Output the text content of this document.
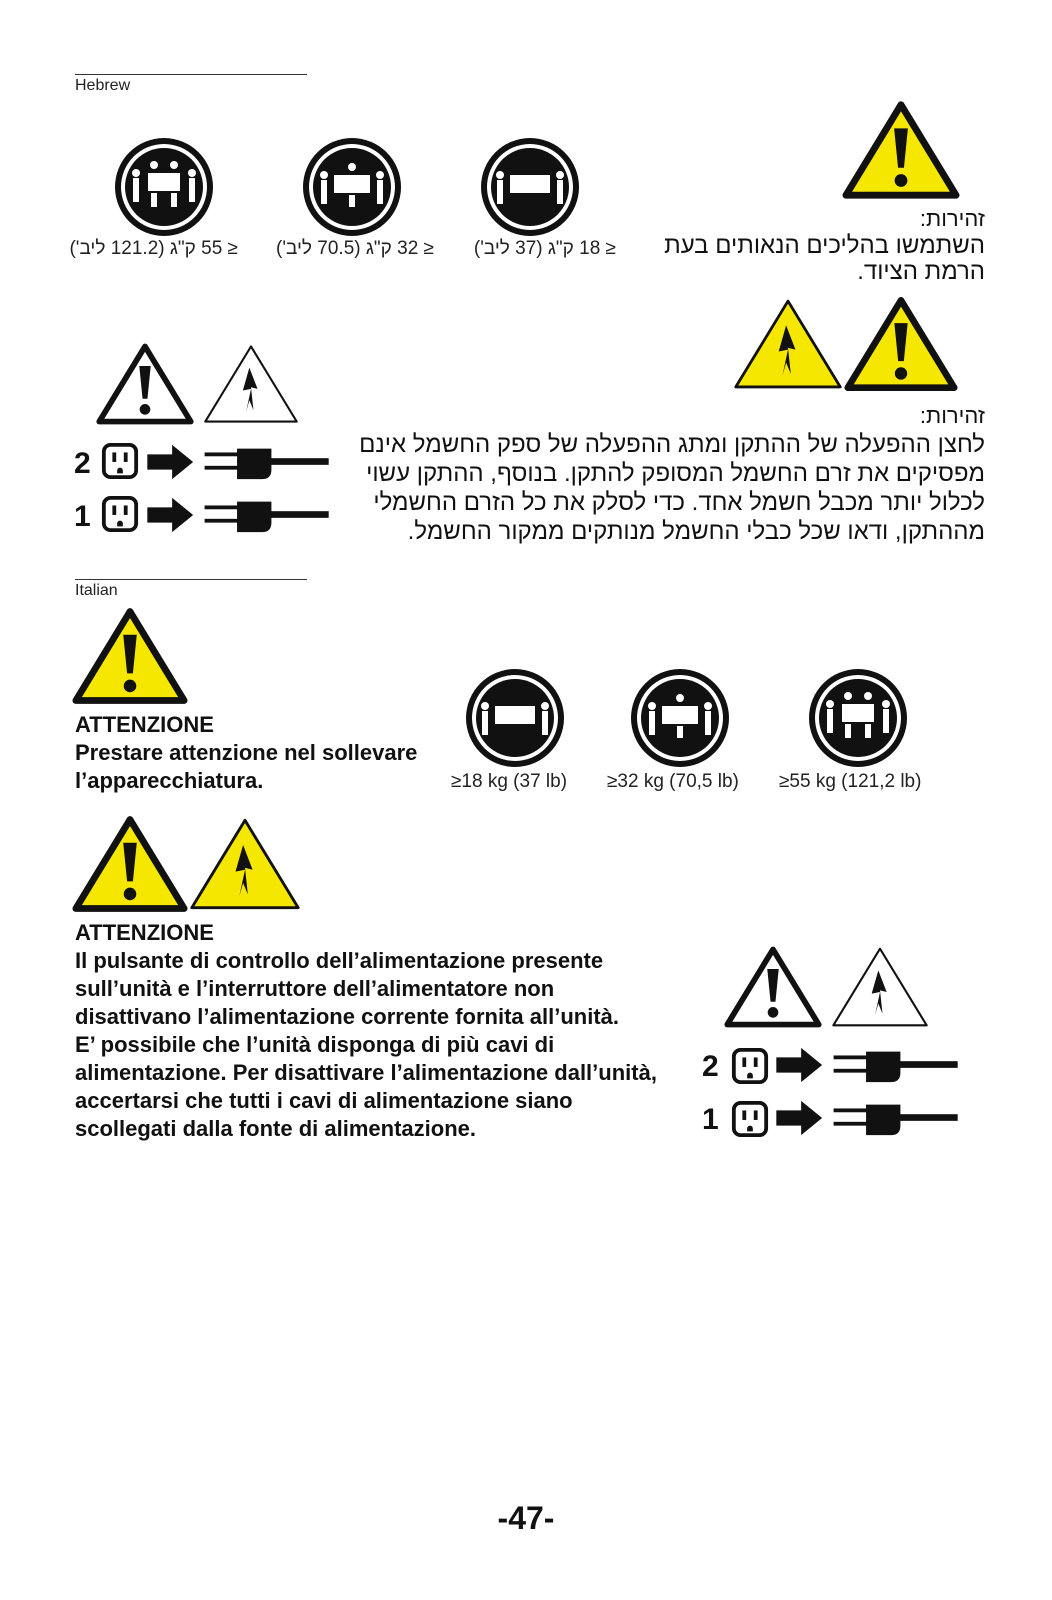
Hebrew
≤ 55 ק"ג (121.2 ליב')	≤ 32 ק"ג (70.5 ליב')	≤ 18 ק"ג (37 ליב')
זהירות:
השתמשו בהליכים הנאותים בעת
הרמת הציוד.
זהירות:
לחצן ההפעלה של ההתקן ומתג ההפעלה של ספק החשמל אינם
מפסיקים את זרם החשמל המסופק להתקן. בנוסף, ההתקן עשוי
לכלול יותר מכבל חשמל אחד. כדי לסלק את כל הזרם החשמלי
מההתקן, ודאו שכל כבלי החשמל מנותקים ממקור החשמל.
2
1
Italian
ATTENZIONE
Prestare attenzione nel sollevare
l’apparecchiatura.	≥18 kg (37 lb) ≥32 kg (70,5 lb) ≥55 kg (121,2 lb)
ATTENZIONE
Il pulsante di controllo dell’alimentazione presente
sull’unità e l’interruttore dell’alimentatore non
disattivano l’alimentazione corrente fornita all’unità.
E’ possibile che l’unità disponga di più cavi di
alimentazione. Per disattivare l’alimentazione dall’unità,
accertarsi che tutti i cavi di alimentazione siano
scollegati dalla fonte di alimentazione.
2
1
-47-
